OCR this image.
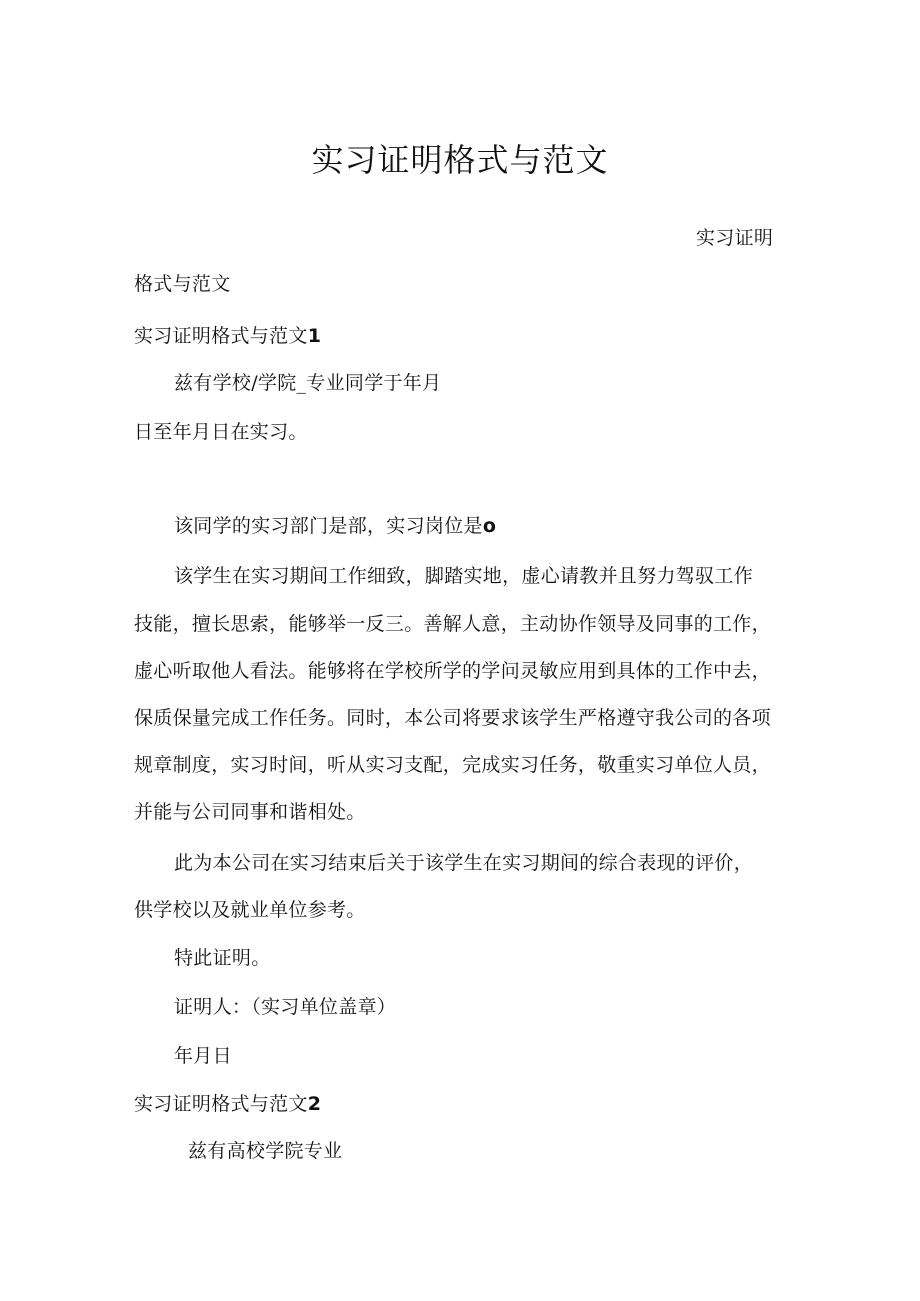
实习证明格式与范文
实习证明
格式与范文
实习证明格式与范文1
兹有学校/学院_专业同学于年月
日至年月日在实习。
该同学的实习部门是部，实习岗位是o
该学生在实习期间工作细致，脚踏实地，虚心请教并且努力驾驭工作
技能，擅长思索，能够举一反三。善解人意，主动协作领导及同事的工作，
虚心听取他人看法。能够将在学校所学的学问灵敏应用到具体的工作中去，
保质保量完成工作任务。同时，本公司将要求该学生严格遵守我公司的各项
规章制度，实习时间，听从实习支配，完成实习任务，敬重实习单位人员，
并能与公司同事和谐相处。
此为本公司在实习结束后关于该学生在实习期间的综合表现的评价，
供学校以及就业单位参考。
特此证明。
证明人：（实习单位盖章）
年月日
实习证明格式与范文2
兹有高校学院专业
